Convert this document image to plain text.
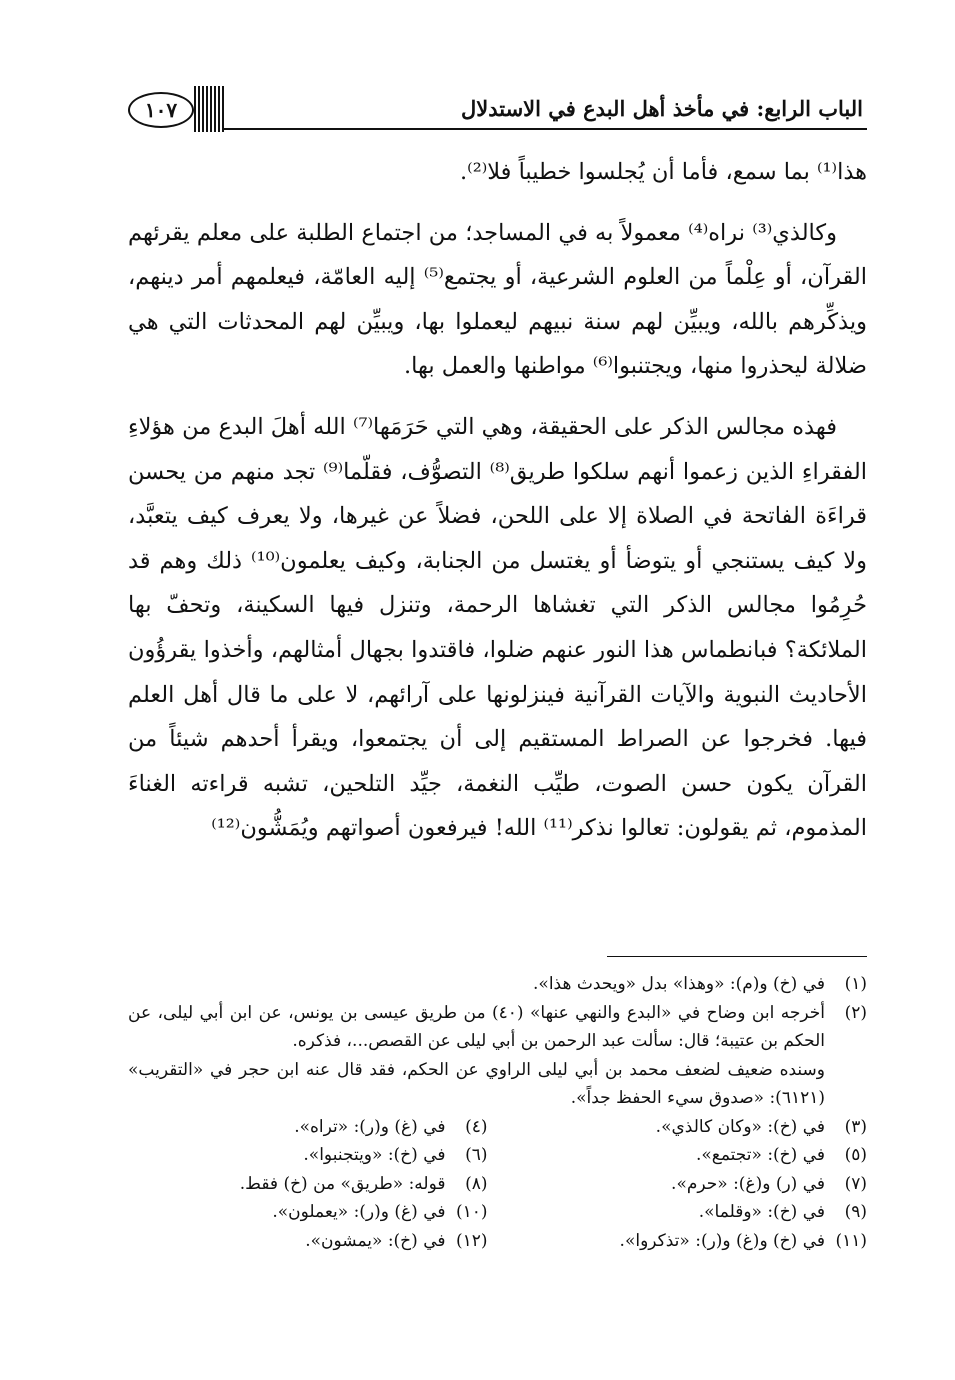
الباب الرابع: في مأخذ أهل البدع في الاستدلال
١٠٧

هذا⁽¹⁾ بما سمع، فأما أن يُجلسوا خطيباً فلا⁽²⁾.

وكالذي⁽³⁾ نراه⁽⁴⁾ معمولاً به في المساجد؛ من اجتماع الطلبة على معلم يقرئهم القرآن، أو عِلْماً من العلوم الشرعية، أو يجتمع⁽⁵⁾ إليه العامّة، فيعلمهم أمر دينهم، ويذكِّرهم بالله، ويبيِّن لهم سنة نبيهم ليعملوا بها، ويبيِّن لهم المحدثات التي هي ضلالة ليحذروا منها، ويجتنبوا⁽⁶⁾ مواطنها والعمل بها.

فهذه مجالس الذكر على الحقيقة، وهي التي حَرَمَها⁽⁷⁾ الله أهلَ البدع من هؤلاءِ الفقراءِ الذين زعموا أنهم سلكوا طريق⁽⁸⁾ التصوُّف، فقلّما⁽⁹⁾ تجد منهم من يحسن قراءَة الفاتحة في الصلاة إلا على اللحن، فضلاً عن غيرها، ولا يعرف كيف يتعبَّد، ولا كيف يستنجي أو يتوضأ أو يغتسل من الجنابة، وكيف يعلمون⁽¹⁰⁾ ذلك وهم قد حُرِمُوا مجالس الذكر التي تغشاها الرحمة، وتنزل فيها السكينة، وتحفّ بها الملائكة؟ فبانطماس هذا النور عنهم ضلوا، فاقتدوا بجهال أمثالهم، وأخذوا يقرؤُون الأحاديث النبوية والآيات القرآنية فينزلونها على آرائهم، لا على ما قال أهل العلم فيها. فخرجوا عن الصراط المستقيم إلى أن يجتمعوا، ويقرأ أحدهم شيئاً من القرآن يكون حسن الصوت، طيِّب النغمة، جيِّد التلحين، تشبه قراءته الغناءَ المذموم، ثم يقولون: تعالوا نذكر⁽¹¹⁾ الله! فيرفعون أصواتهم ويُمَشُّون⁽¹²⁾

(١)
في (خ) و(م): «وهذا» بدل «ويحدث هذا».
(٢)
أخرجه ابن وضاح في «البدع والنهي عنها» (٤٠) من طريق عيسى بن يونس، عن ابن أبي ليلى، عن الحكم بن عتيبة؛ قال: سألت عبد الرحمن بن أبي ليلى عن القصص...، فذكره.
وسنده ضعيف لضعف محمد بن أبي ليلى الراوي عن الحكم، فقد قال عنه ابن حجر في «التقريب» (٦١٢١): «صدوق سيء الحفظ جداً».
(٣)
في (خ): «وكان كالذي».
(٤)
في (غ) و(ر): «تراه».
(٥)
في (خ): «تجتمع».
(٦)
في (خ): «ويتجنبوا».
(٧)
في (ر) و(غ): «حرم».
(٨)
قوله: «طريق» من (خ) فقط.
(٩)
في (خ): «وقلما».
(١٠)
في (غ) و(ر): «يعملون».
(١١)
في (خ) و(غ) و(ر): «تذكروا».
(١٢)
في (خ): «يمشون».
